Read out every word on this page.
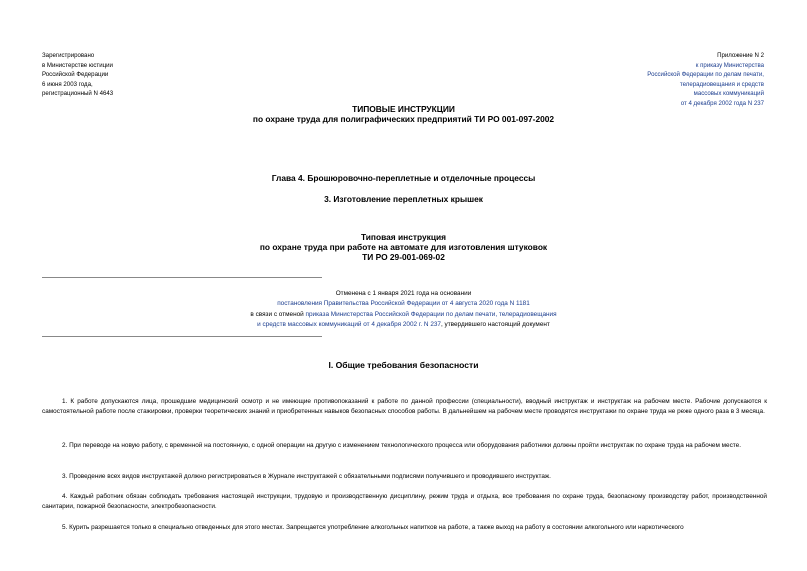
Зарегистрировано
в Министерстве юстиции
Российской Федерации
6 июня 2003 года,
регистрационный N 4643
Приложение N 2
к приказу Министерства
Российской Федерации по делам печати,
телерадиовещания и средств
массовых коммуникаций
от 4 декабря 2002 года N 237
ТИПОВЫЕ ИНСТРУКЦИИ
по охране труда для полиграфических предприятий ТИ РО 001-097-2002
Глава 4. Брошюровочно-переплетные и отделочные процессы
3. Изготовление переплетных крышек
Типовая инструкция
по охране труда при работе на автомате для изготовления штуковок
ТИ РО 29-001-069-02
Отменена с 1 января 2021 года на основании
постановления Правительства Российской Федерации от 4 августа 2020 года N 1181
в связи с отменой приказа Министерства Российской Федерации по делам печати, телерадиовещания
и средств массовых коммуникаций от 4 декабря 2002 г. N 237, утвердившего настоящий документ
I. Общие требования безопасности
1. К работе допускаются лица, прошедшие медицинский осмотр и не имеющие противопоказаний к работе по данной профессии (специальности), вводный инструктаж и инструктаж на рабочем месте. Рабочие допускаются к самостоятельной работе после стажировки, проверки теоретических знаний и приобретенных навыков безопасных способов работы. В дальнейшем на рабочем месте проводятся инструктажи по охране труда не реже одного раза в 3 месяца.
2. При переводе на новую работу, с временной на постоянную, с одной операции на другую с изменением технологического процесса или оборудования работники должны пройти инструктаж по охране труда на рабочем месте.
3. Проведение всех видов инструктажей должно регистрироваться в Журнале инструктажей с обязательными подписями получившего и проводившего инструктаж.
4. Каждый работник обязан соблюдать требования настоящей инструкции, трудовую и производственную дисциплину, режим труда и отдыха, все требования по охране труда, безопасному производству работ, производственной санитарии, пожарной безопасности, электробезопасности.
5. Курить разрешается только в специально отведенных для этого местах. Запрещается употребление алкогольных напитков на работе, а также выход на работу в состоянии алкогольного или наркотического
